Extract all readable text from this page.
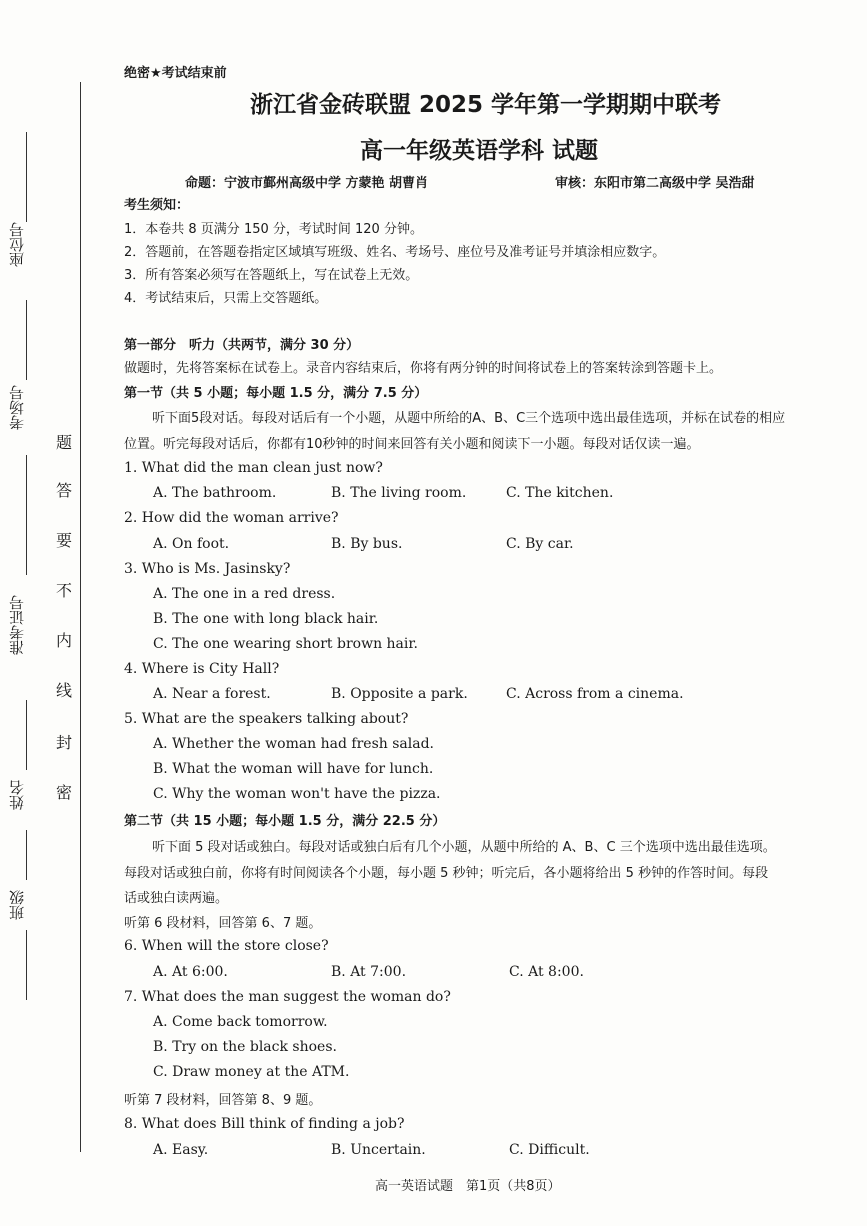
座位号
考场号
准考证号
姓名
班级
题
答
要
不
内
线
封
密
绝密★考试结束前
浙江省金砖联盟 2025 学年第一学期期中联考
高一年级英语学科 试题
命题：宁波市鄞州高级中学 方蒙艳 胡曹肖	审核：东阳市第二高级中学 吴浩甜
考生须知：
1．本卷共 8 页满分 150 分，考试时间 120 分钟。
2．答题前，在答题卷指定区域填写班级、姓名、考场号、座位号及准考证号并填涂相应数字。
3．所有答案必须写在答题纸上，写在试卷上无效。
4．考试结束后，只需上交答题纸。
第一部分　听力（共两节，满分 30 分）
做题时，先将答案标在试卷上。录音内容结束后，你将有两分钟的时间将试卷上的答案转涂到答题卡上。
第一节（共 5 小题；每小题 1.5 分，满分 7.5 分）
听下面5段对话。每段对话后有一个小题，从题中所给的A、B、C三个选项中选出最佳选项，并标在试卷的相应
位置。听完每段对话后，你都有10秒钟的时间来回答有关小题和阅读下一小题。每段对话仅读一遍。
1. What did the man clean just now?
A. The bathroom.	B. The living room.	C. The kitchen.
2. How did the woman arrive?
A. On foot.	B. By bus.	C. By car.
3. Who is Ms. Jasinsky?
A. The one in a red dress.
B. The one with long black hair.
C. The one wearing short brown hair.
4. Where is City Hall?
A. Near a forest.	B. Opposite a park.	C. Across from a cinema.
5. What are the speakers talking about?
A. Whether the woman had fresh salad.
B. What the woman will have for lunch.
C. Why the woman won't have the pizza.
第二节（共 15 小题；每小题 1.5 分，满分 22.5 分）
听下面 5 段对话或独白。每段对话或独白后有几个小题，从题中所给的 A、B、C 三个选项中选出最佳选项。
每段对话或独白前，你将有时间阅读各个小题，每小题 5 秒钟；听完后，各小题将给出 5 秒钟的作答时间。每段
话或独白读两遍。
听第 6 段材料，回答第 6、7 题。
6. When will the store close?
A. At 6:00.	B. At 7:00.	C. At 8:00.
7. What does the man suggest the woman do?
A. Come back tomorrow.
B. Try on the black shoes.
C. Draw money at the ATM.
听第 7 段材料，回答第 8、9 题。
8. What does Bill think of finding a job?
A. Easy.	B. Uncertain.	C. Difficult.
高一英语试题　第1页（共8页）
